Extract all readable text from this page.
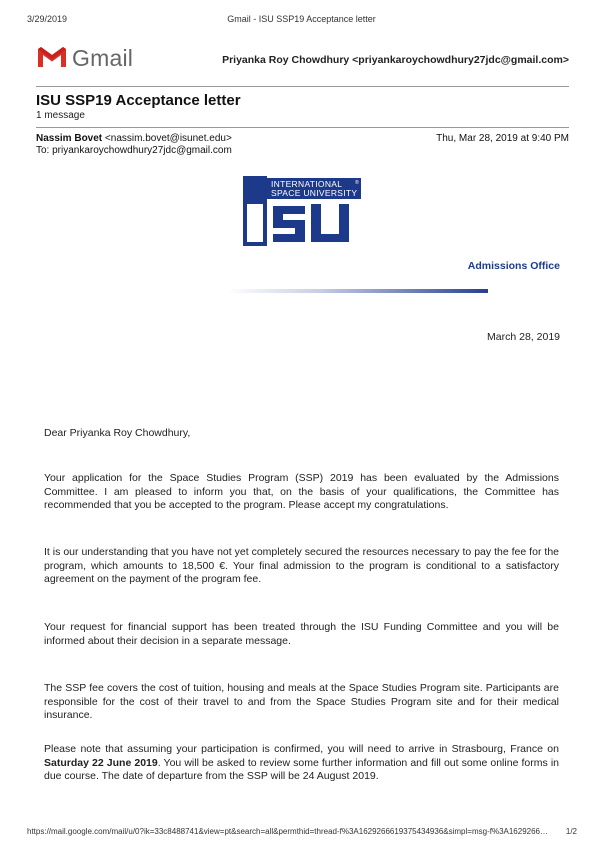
3/29/2019	Gmail - ISU SSP19 Acceptance letter
Gmail	Priyanka Roy Chowdhury <priyankaroychowdhury27jdc@gmail.com>
ISU SSP19 Acceptance letter
1 message
Nassim Bovet <nassim.bovet@isunet.edu>
To: priyankaroychowdhury27jdc@gmail.com
Thu, Mar 28, 2019 at 9:40 PM
INTERNATIONAL	®
SPACE UNIVERSITY
Admissions Office
March 28, 2019
Dear Priyanka Roy Chowdhury,
Your application for the Space Studies Program (SSP) 2019 has been evaluated by the Admissions Committee. I am pleased to inform you that, on the basis of your qualifications, the Committee has recommended that you be accepted to the program. Please accept my congratulations.
It is our understanding that you have not yet completely secured the resources necessary to pay the fee for the program, which amounts to 18,500 €. Your final admission to the program is conditional to a satisfactory agreement on the payment of the program fee.
Your request for financial support has been treated through the ISU Funding Committee and you will be informed about their decision in a separate message.
The SSP fee covers the cost of tuition, housing and meals at the Space Studies Program site. Participants are responsible for the cost of their travel to and from the Space Studies Program site and for their medical insurance.
Please note that assuming your participation is confirmed, you will need to arrive in Strasbourg, France on Saturday 22 June 2019. You will be asked to review some further information and fill out some online forms in due course. The date of departure from the SSP will be 24 August 2019.
https://mail.google.com/mail/u/0?ik=33c8488741&view=pt&search=all&permthid=thread-f%3A1629266619375434936&simpl=msg-f%3A1629266… 1/2
